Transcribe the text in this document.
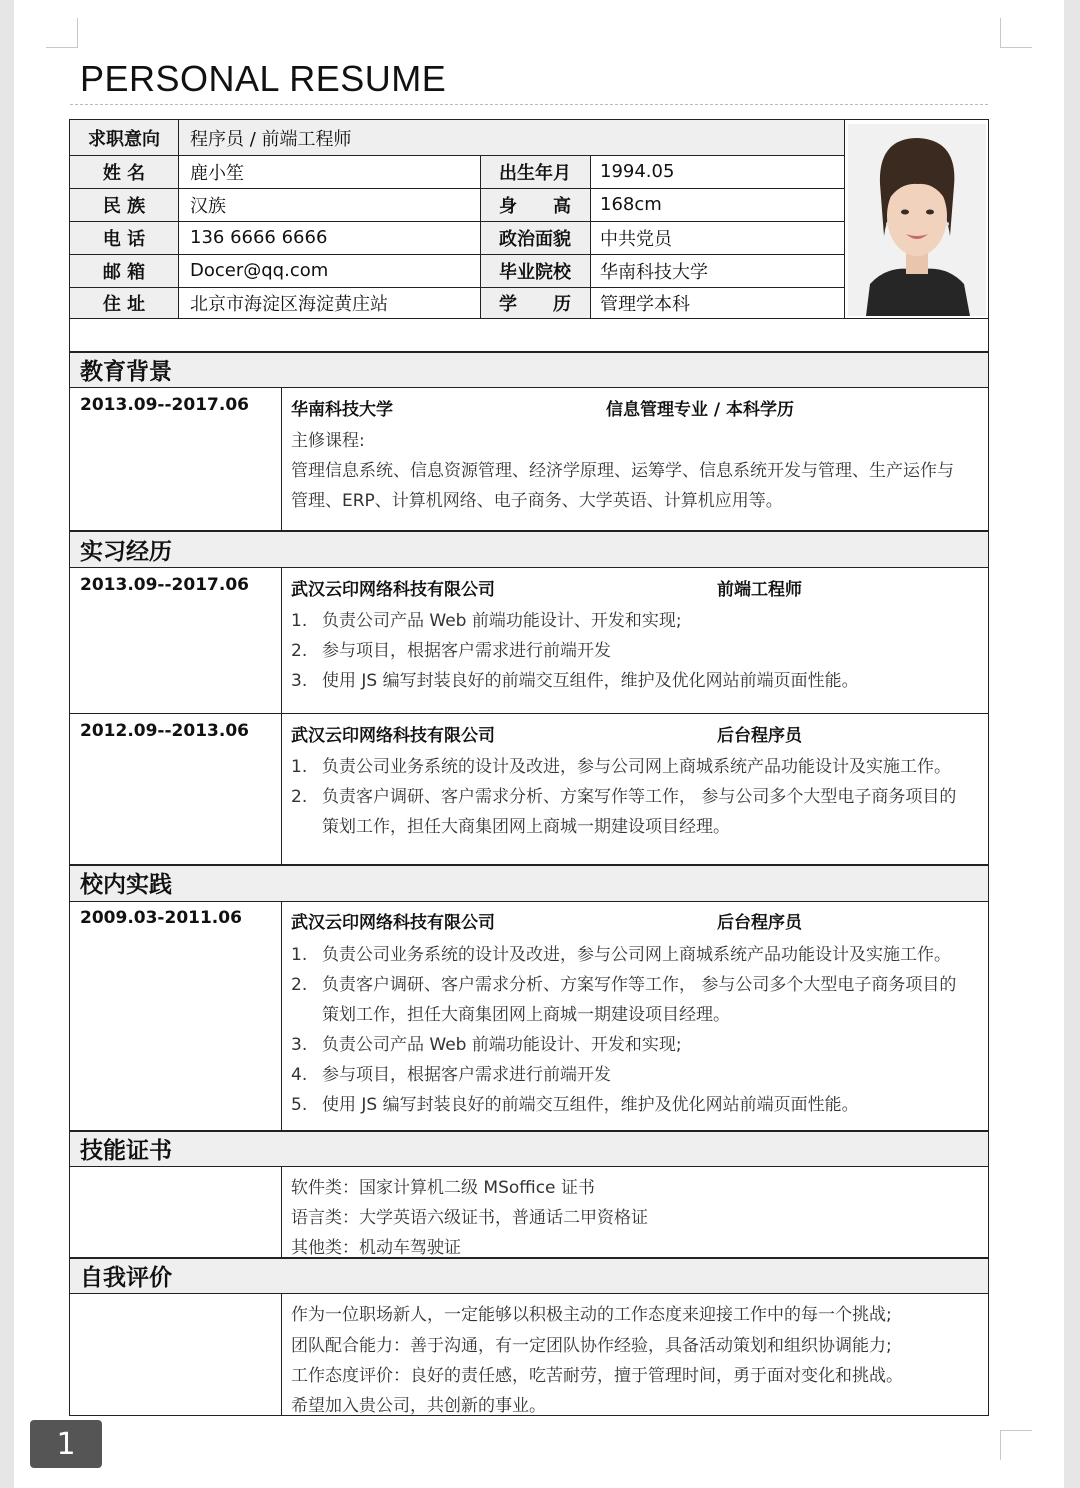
PERSONAL RESUME
求职意向	程序员 / 前端工程师
姓 名	鹿小笙	出生年月	1994.05
民 族	汉族	身　　高	168cm
电 话	136 6666 6666	政治面貌	中共党员
邮 箱	Docer@qq.com	毕业院校	华南科技大学
住 址	北京市海淀区海淀黄庄站	学　　历	管理学本科
教育背景
2013.09--2017.06 华南科技大学	信息管理专业 / 本科学历
主修课程:
管理信息系统、信息资源管理、经济学原理、运筹学、信息系统开发与管理、生产运作与
管理、ERP、计算机网络、电子商务、大学英语、计算机应用等。
实习经历
2013.09--2017.06 武汉云印网络科技有限公司	前端工程师
1. 负责公司产品 Web 前端功能设计、开发和实现;
2. 参与项目，根据客户需求进行前端开发
3. 使用 JS 编写封装良好的前端交互组件，维护及优化网站前端页面性能。
2012.09--2013.06 武汉云印网络科技有限公司	后台程序员
1. 负责公司业务系统的设计及改进，参与公司网上商城系统产品功能设计及实施工作。
2. 负责客户调研、客户需求分析、方案写作等工作， 参与公司多个大型电子商务项目的
策划工作，担任大商集团网上商城一期建设项目经理。
校内实践
2009.03-2011.06	武汉云印网络科技有限公司	后台程序员
1. 负责公司业务系统的设计及改进，参与公司网上商城系统产品功能设计及实施工作。
2. 负责客户调研、客户需求分析、方案写作等工作， 参与公司多个大型电子商务项目的
策划工作，担任大商集团网上商城一期建设项目经理。
3. 负责公司产品 Web 前端功能设计、开发和实现;
4. 参与项目，根据客户需求进行前端开发
5. 使用 JS 编写封装良好的前端交互组件，维护及优化网站前端页面性能。
技能证书
软件类：国家计算机二级 MSoffice 证书
语言类：大学英语六级证书，普通话二甲资格证
其他类：机动车驾驶证
自我评价
作为一位职场新人，一定能够以积极主动的工作态度来迎接工作中的每一个挑战;
团队配合能力：善于沟通，有一定团队协作经验，具备活动策划和组织协调能力;
工作态度评价：良好的责任感，吃苦耐劳，擅于管理时间，勇于面对变化和挑战。
希望加入贵公司，共创新的事业。
1
